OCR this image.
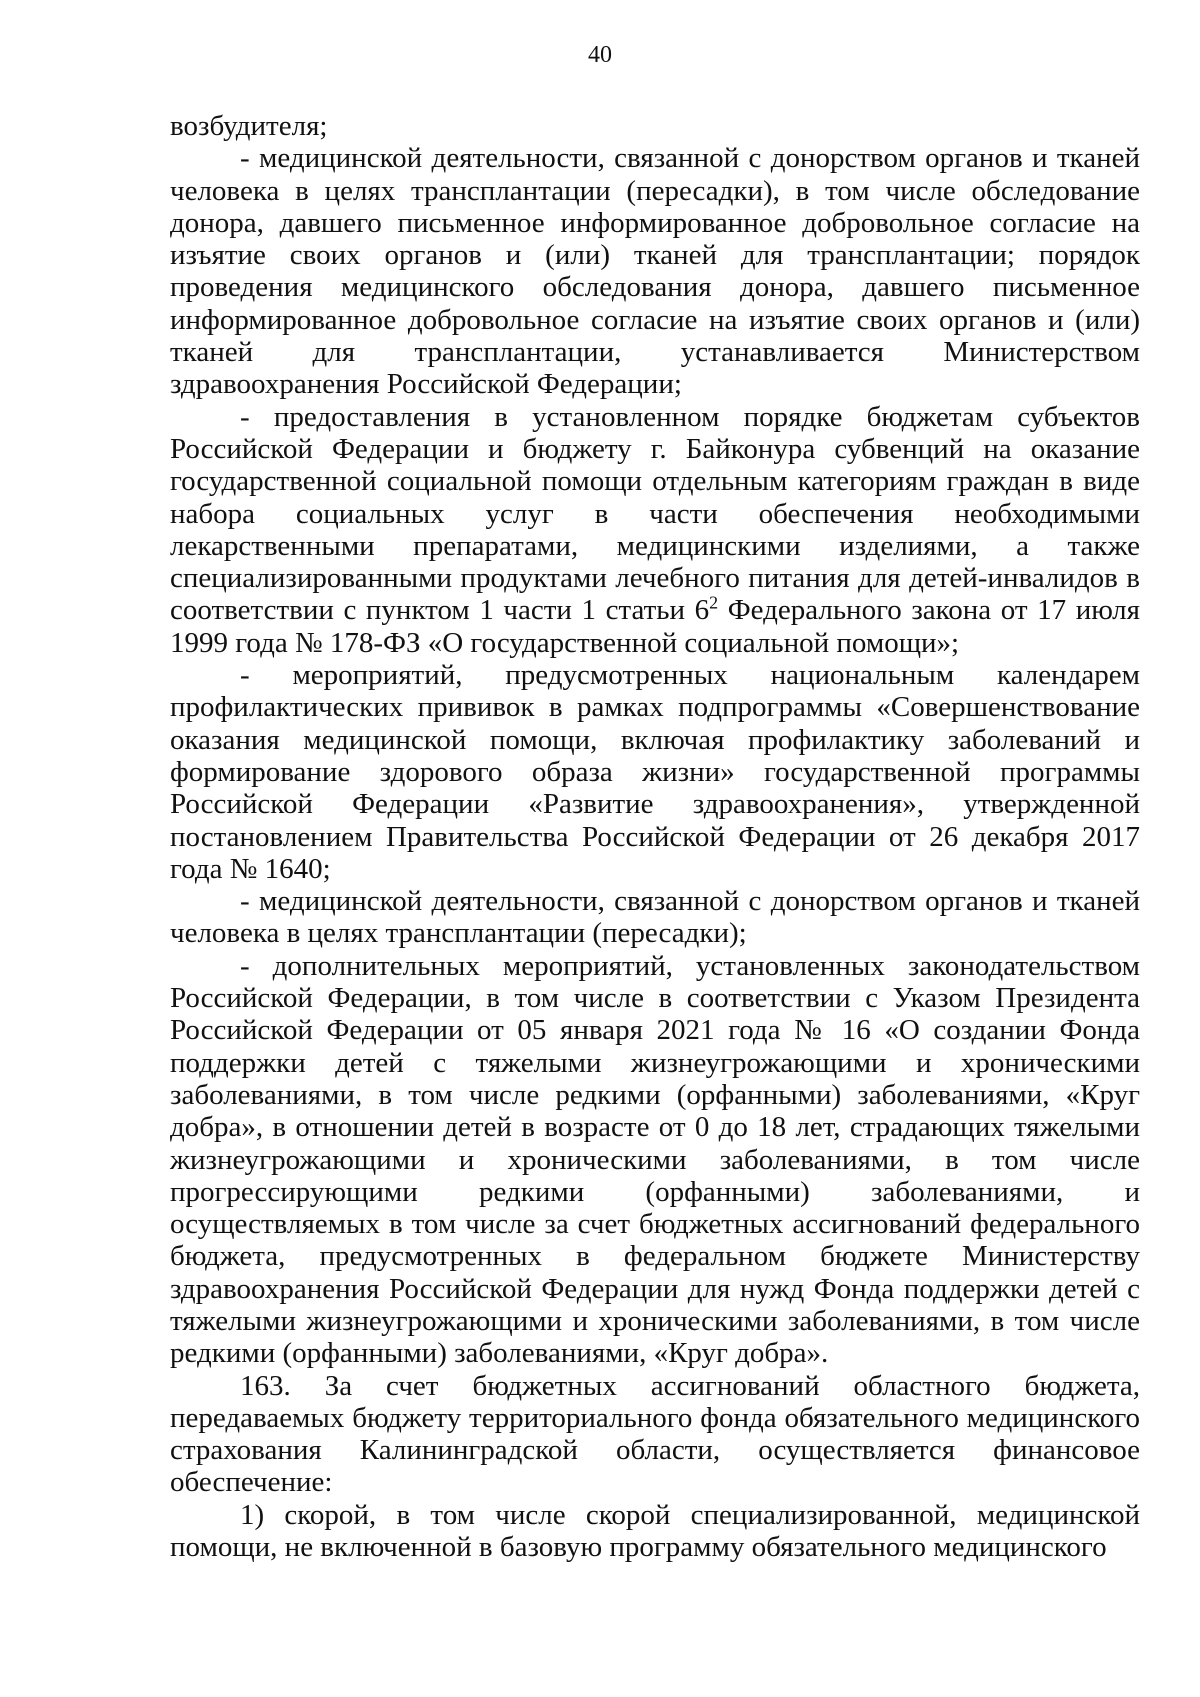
40

возбудителя;

- медицинской деятельности, связанной с донорством органов и тканей человека в целях трансплантации (пересадки), в том числе обследование донора, давшего письменное информированное добровольное согласие на изъятие своих органов и (или) тканей для трансплантации; порядок проведения медицинского обследования донора, давшего письменное информированное добровольное согласие на изъятие своих органов и (или) тканей для трансплантации, устанавливается Министерством здравоохранения Российской Федерации;

- предоставления в установленном порядке бюджетам субъектов Российской Федерации и бюджету г. Байконура субвенций на оказание государственной социальной помощи отдельным категориям граждан в виде набора социальных услуг в части обеспечения необходимыми лекарственными препаратами, медицинскими изделиями, а также специализированными продуктами лечебного питания для детей-инвалидов в соответствии с пунктом 1 части 1 статьи $6^2$ Федерального закона от 17 июля 1999 года № 178-ФЗ «О государственной социальной помощи»;

- мероприятий, предусмотренных национальным календарем профилактических прививок в рамках подпрограммы «Совершенствование оказания медицинской помощи, включая профилактику заболеваний и формирование здорового образа жизни» государственной программы Российской Федерации «Развитие здравоохранения», утвержденной постановлением Правительства Российской Федерации от 26 декабря 2017 года № 1640;

- медицинской деятельности, связанной с донорством органов и тканей человека в целях трансплантации (пересадки);

- дополнительных мероприятий, установленных законодательством Российской Федерации, в том числе в соответствии с Указом Президента Российской Федерации от 05 января 2021 года № 16 «О создании Фонда поддержки детей с тяжелыми жизнеугрожающими и хроническими заболеваниями, в том числе редкими (орфанными) заболеваниями, «Круг добра», в отношении детей в возрасте от 0 до 18 лет, страдающих тяжелыми жизнеугрожающими и хроническими заболеваниями, в том числе прогрессирующими редкими (орфанными) заболеваниями, и осуществляемых в том числе за счет бюджетных ассигнований федерального бюджета, предусмотренных в федеральном бюджете Министерству здравоохранения Российской Федерации для нужд Фонда поддержки детей с тяжелыми жизнеугрожающими и хроническими заболеваниями, в том числе редкими (орфанными) заболеваниями, «Круг добра».

163. За счет бюджетных ассигнований областного бюджета, передаваемых бюджету территориального фонда обязательного медицинского страхования Калининградской области, осуществляется финансовое обеспечение:

1) скорой, в том числе скорой специализированной, медицинской помощи, не включенной в базовую программу обязательного медицинского
